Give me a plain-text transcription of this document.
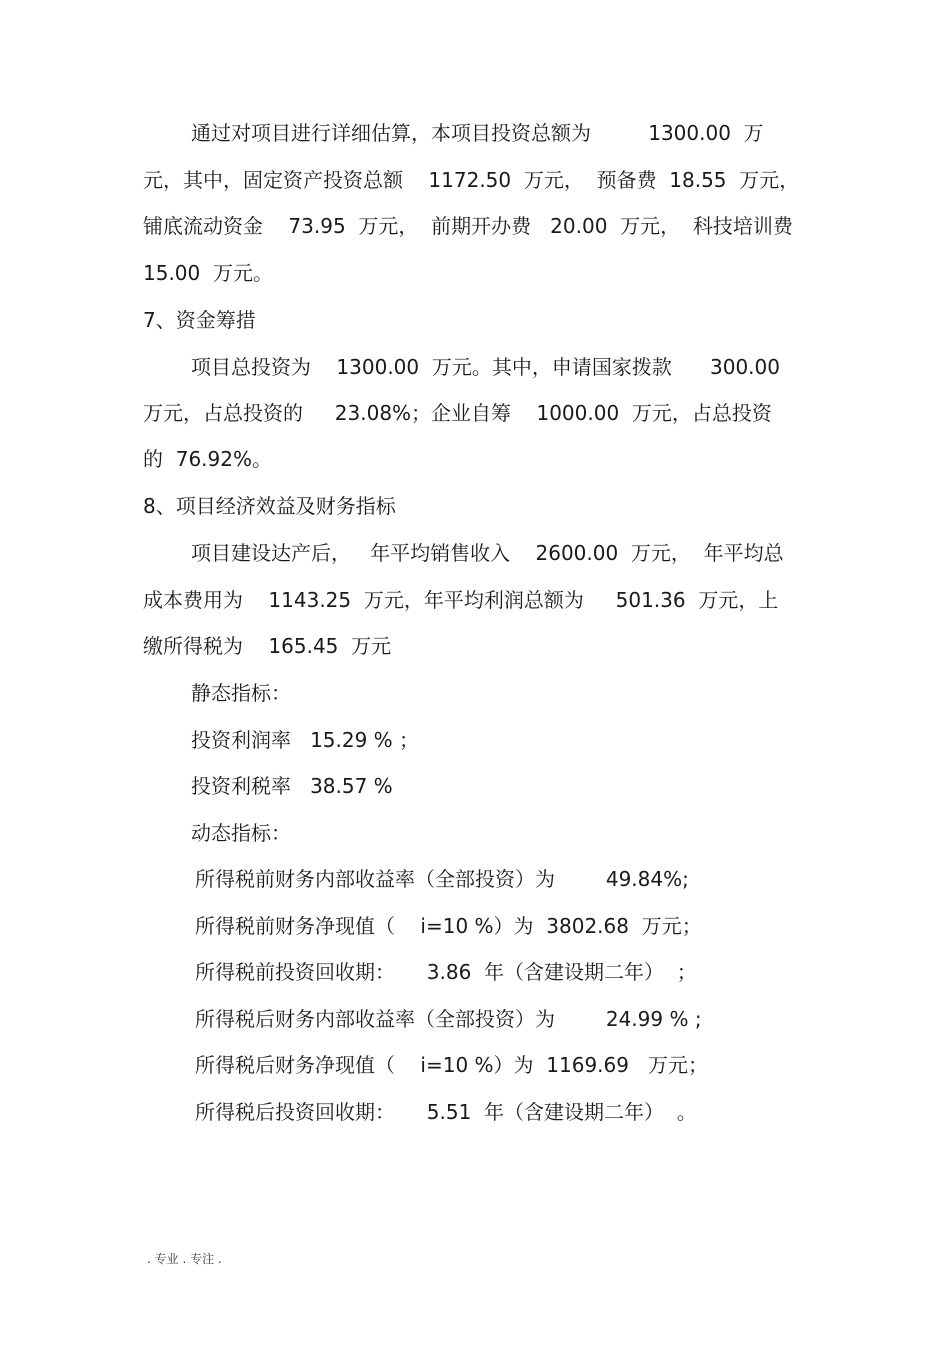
通过对项目进行详细估算，本项目投资总额为         1300.00  万

元，其中，固定资产投资总额    1172.50  万元，  预备费  18.55  万元，

铺底流动资金    73.95  万元，  前期开办费   20.00  万元，  科技培训费

15.00  万元。

7、资金筹措

项目总投资为    1300.00  万元。其中，申请国家拨款      300.00

万元，占总投资的     23.08%；企业自筹    1000.00  万元，占总投资

的  76.92%。

8、项目经济效益及财务指标

项目建设达产后，   年平均销售收入    2600.00  万元，  年平均总

成本费用为    1143.25  万元，年平均利润总额为     501.36  万元，上

缴所得税为    165.45  万元

静态指标：

投资利润率   15.29 % ；

投资利税率   38.57 %

动态指标：

所得税前财务内部收益率（全部投资）为        49.84%;

所得税前财务净现值（    i=10 %）为  3802.68  万元；

所得税前投资回收期：     3.86  年（含建设期二年）  ；

所得税后财务内部收益率（全部投资）为        24.99 % ;

所得税后财务净现值（    i=10 %）为  1169.69   万元；

所得税后投资回收期：     5.51  年（含建设期二年）  。

. 专业 . 专注 .
